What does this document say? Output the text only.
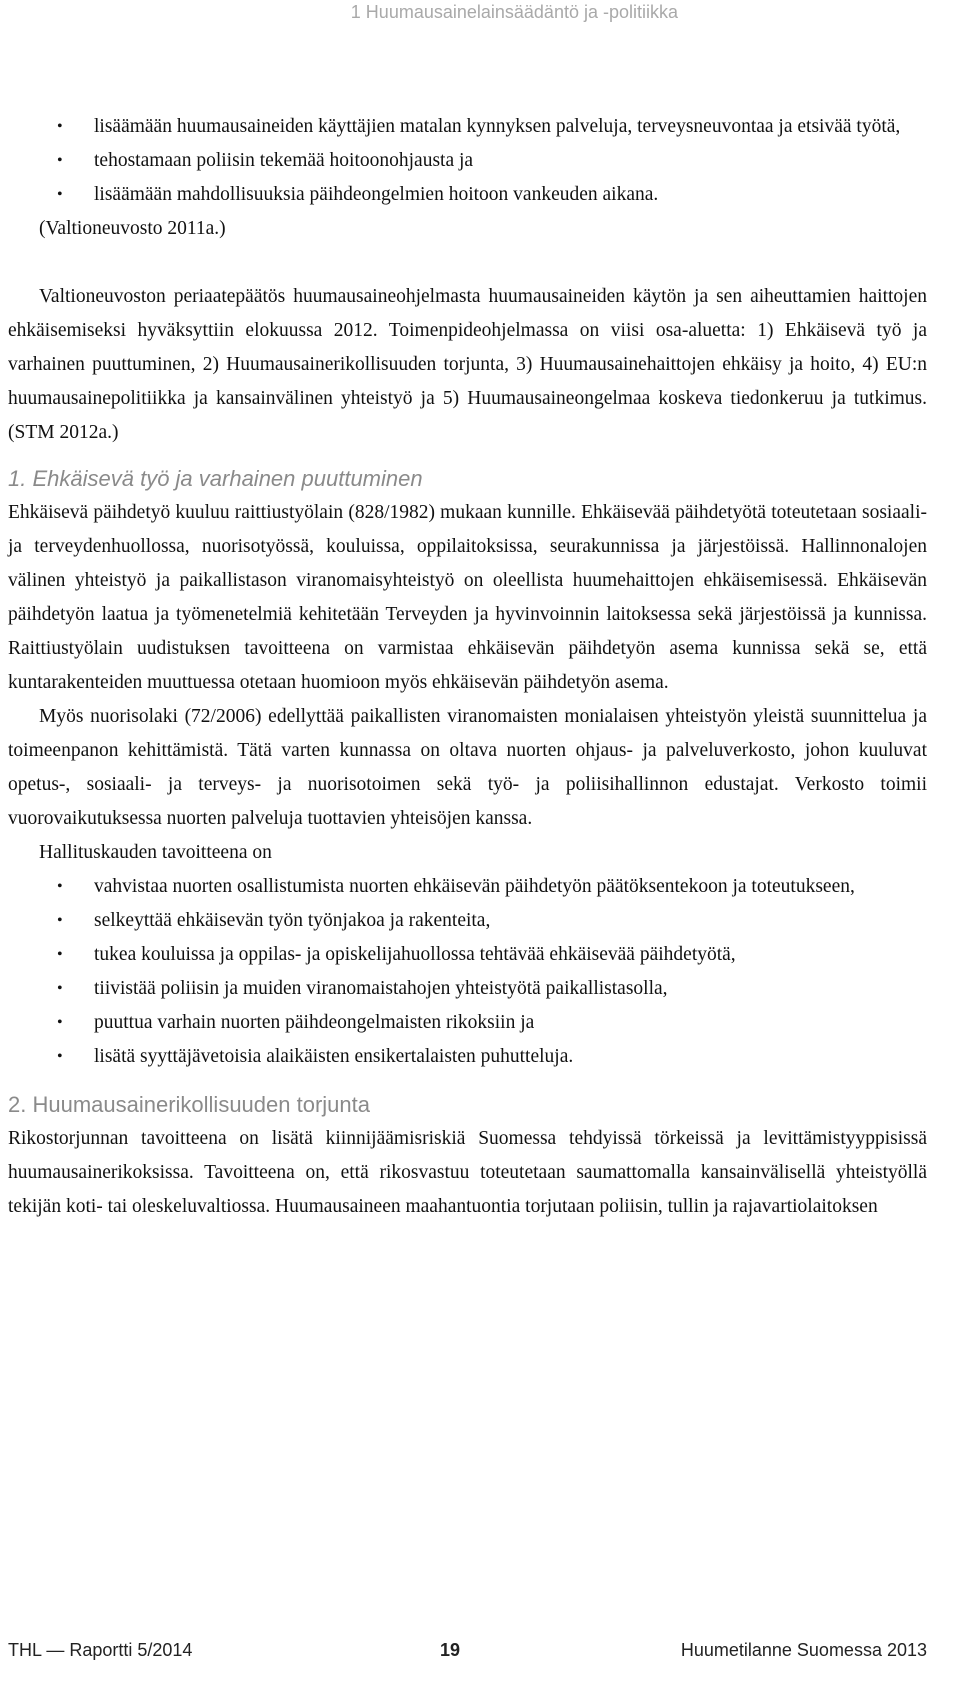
1 Huumausainelainsäädäntö ja -politiikka
• lisäämään huumausaineiden käyttäjien matalan kynnyksen palveluja, terveysneuvontaa ja etsivää työtä,
• tehostamaan poliisin tekemää hoitoonohjausta ja
• lisäämään mahdollisuuksia päihdeongelmien hoitoon vankeuden aikana.

(Valtioneuvosto 2011a.)

Valtioneuvoston periaatepäätös huumausaineohjelmasta huumausaineiden käytön ja sen aiheuttamien haittojen ehkäisemiseksi hyväksyttiin elokuussa 2012. Toimenpideohjelmassa on viisi osa-aluetta: 1) Ehkäisevä työ ja varhainen puuttuminen, 2) Huumausainerikollisuuden torjunta, 3) Huumausainehaittojen ehkäisy ja hoito, 4) EU:n huumausainepolitiikka ja kansainvälinen yhteistyö ja 5) Huumausaineongelmaa koskeva tiedonkeruu ja tutkimus. (STM 2012a.)

1. Ehkäisevä työ ja varhainen puuttuminen

Ehkäisevä päihdetyö kuuluu raittiustyölain (828/1982) mukaan kunnille. Ehkäisevää päihdetyötä toteutetaan sosiaali- ja terveydenhuollossa, nuorisotyössä, kouluissa, oppilaitoksissa, seurakunnissa ja järjestöissä. Hallinnonalojen välinen yhteistyö ja paikallistason viranomaisyhteistyö on oleellista huumehaittojen ehkäisemisessä. Ehkäisevän päihdetyön laatua ja työmenetelmiä kehitetään Terveyden ja hyvinvoinnin laitoksessa sekä järjestöissä ja kunnissa. Raittiustyölain uudistuksen tavoitteena on varmistaa ehkäisevän päihdetyön asema kunnissa sekä se, että kuntarakenteiden muuttuessa otetaan huomioon myös ehkäisevän päihdetyön asema.

Myös nuorisolaki (72/2006) edellyttää paikallisten viranomaisten monialaisen yhteistyön yleistä suunnittelua ja toimeenpanon kehittämistä. Tätä varten kunnassa on oltava nuorten ohjaus- ja palveluverkosto, johon kuuluvat opetus-, sosiaali- ja terveys- ja nuorisotoimen sekä työ- ja poliisihallinnon edustajat. Verkosto toimii vuorovaikutuksessa nuorten palveluja tuottavien yhteisöjen kanssa.

Hallituskauden tavoitteena on

• vahvistaa nuorten osallistumista nuorten ehkäisevän päihdetyön päätöksentekoon ja toteutukseen,
• selkeyttää ehkäisevän työn työnjakoa ja rakenteita,
• tukea kouluissa ja oppilas- ja opiskelijahuollossa tehtävää ehkäisevää päihdetyötä,
• tiivistää poliisin ja muiden viranomaistahojen yhteistyötä paikallistasolla,
• puuttua varhain nuorten päihdeongelmaisten rikoksiin ja
• lisätä syyttäjävetoisia alaikäisten ensikertalaisten puhutteluja.
2. Huumausainerikollisuuden torjunta

Rikostorjunnan tavoitteena on lisätä kiinnijäämisriskiä Suomessa tehdyissä törkeissä ja levittämistyyppisissä huumausainerikoksissa. Tavoitteena on, että rikosvastuu toteutetaan saumattomalla kansainvälisellä yhteistyöllä tekijän koti- tai oleskeluvaltiossa. Huumausaineen maahantuontia torjutaan poliisin, tullin ja rajavartiolaitoksen

THL — Raportti 5/2014	19	Huumetilanne Suomessa 2013
